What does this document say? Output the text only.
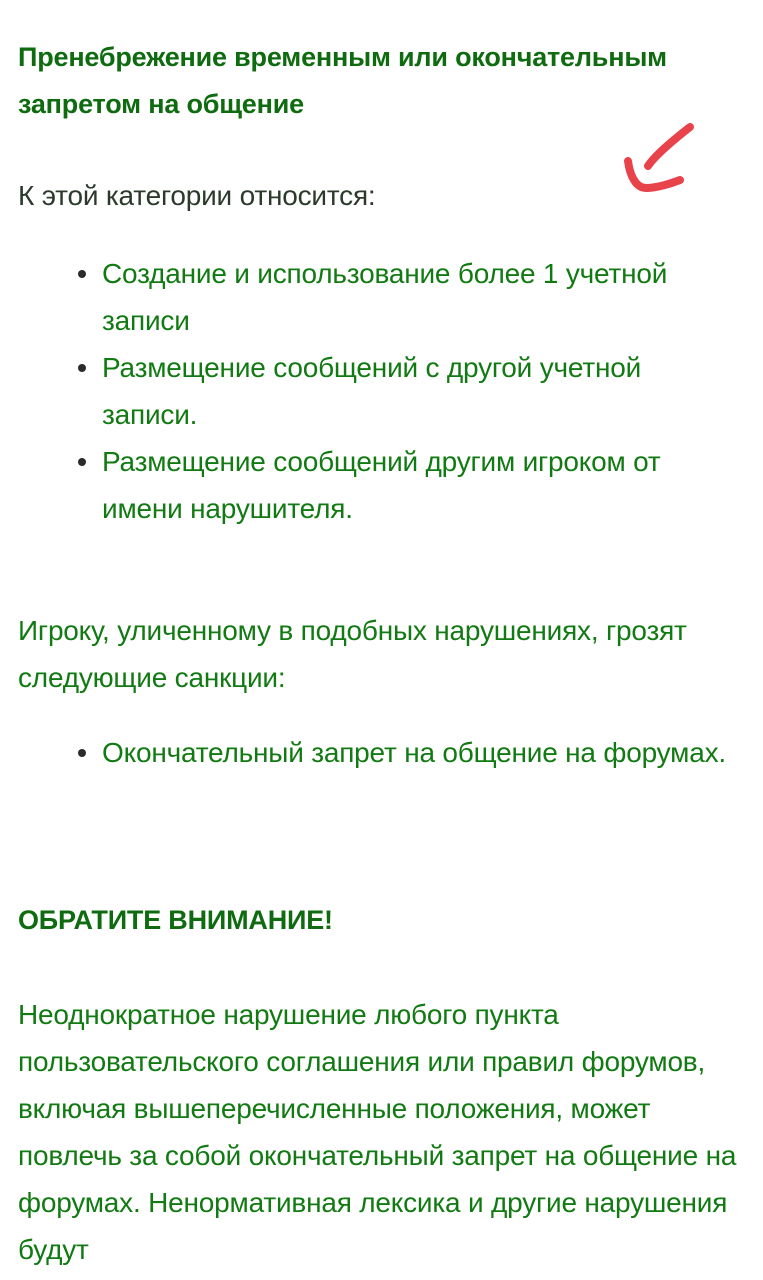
Пренебрежение временным или окончательным запретом на общение
К этой категории относится:
Создание и использование более 1 учетной записи
Размещение сообщений с другой учетной записи.
Размещение сообщений другим игроком от имени нарушителя.
Игроку, уличенному в подобных нарушениях, грозят следующие санкции:
Окончательный запрет на общение на форумах.
ОБРАТИТЕ ВНИМАНИЕ!
Неоднократное нарушение любого пункта пользовательского соглашения или правил форумов, включая вышеперечисленные положения, может повлечь за собой окончательный запрет на общение на форумах. Ненормативная лексика и другие нарушения будут
